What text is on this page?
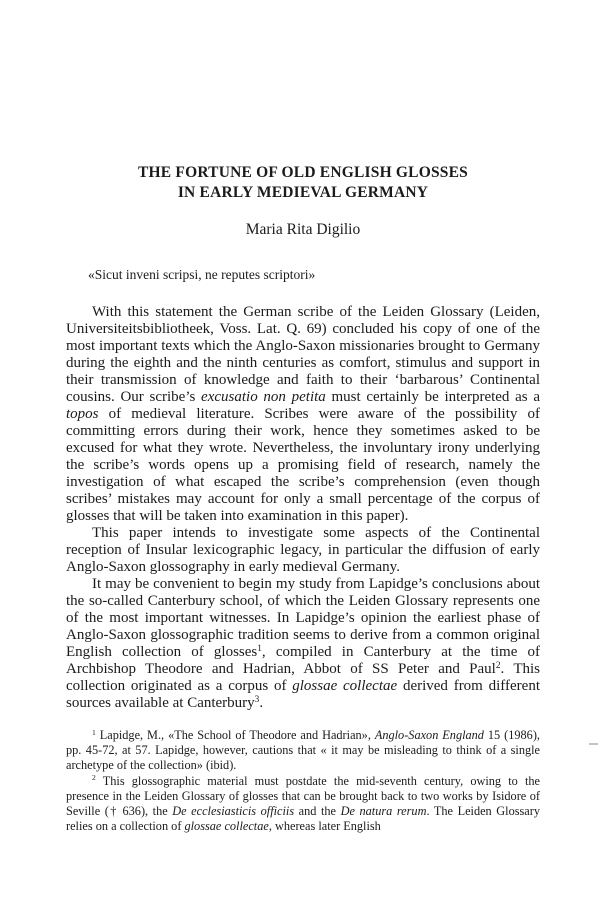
THE FORTUNE OF OLD ENGLISH GLOSSES
IN EARLY MEDIEVAL GERMANY
Maria Rita Digilio
«Sicut inveni scripsi, ne reputes scriptori»

With this statement the German scribe of the Leiden Glossary (Leiden, Universiteitsbibliotheek, Voss. Lat. Q. 69) concluded his copy of one of the most important texts which the Anglo-Saxon missionaries brought to Germany during the eighth and the ninth centuries as comfort, stimulus and support in their transmission of knowledge and faith to their ‘barbarous’ Continental cousins. Our scribe’s excusatio non petita must certainly be interpreted as a topos of medieval literature. Scribes were aware of the possibility of committing errors during their work, hence they sometimes asked to be excused for what they wrote. Nevertheless, the involuntary irony underlying the scribe’s words opens up a promising field of research, namely the investigation of what escaped the scribe’s comprehension (even though scribes’ mistakes may account for only a small percentage of the corpus of glosses that will be taken into examination in this paper).

This paper intends to investigate some aspects of the Continental reception of Insular lexicographic legacy, in particular the diffusion of early Anglo-Saxon glossography in early medieval Germany.

It may be convenient to begin my study from Lapidge’s conclusions about the so-called Canterbury school, of which the Leiden Glossary represents one of the most important witnesses. In Lapidge’s opinion the earliest phase of Anglo-Saxon glossographic tradition seems to derive from a common original English collection of glosses$^1$, compiled in Canterbury at the time of Archbishop Theodore and Hadrian, Abbot of SS Peter and Paul$^2$. This collection originated as a corpus of glossae collectae derived from different sources available at Canterbury$^3$.

$^1$ Lapidge, M., «The School of Theodore and Hadrian», Anglo-Saxon England 15 (1986), pp. 45-72, at 57. Lapidge, however, cautions that « it may be misleading to think of a single archetype of the collection» (ibid).

$^2$ This glossographic material must postdate the mid-seventh century, owing to the presence in the Leiden Glossary of glosses that can be brought back to two works by Isidore of Seville († 636), the De ecclesiasticis officiis and the De natura rerum. The Leiden Glossary relies on a collection of glossae collectae, whereas later English
